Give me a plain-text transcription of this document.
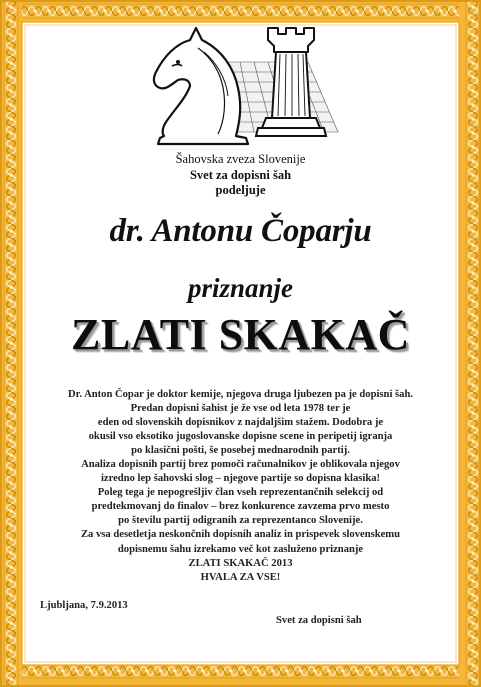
Šahovska zveza Slovenije
Svet za dopisni šah
podeljuje
dr. Antonu Čoparju
priznanje
ZLATI SKAKAČ
Dr. Anton Čopar je doktor kemije, njegova druga ljubezen pa je dopisni šah.
Predan dopisni šahist je že vse od leta 1978 ter je
eden od slovenskih dopisnikov z najdaljšim stažem. Dodobra je
okusil vso eksotiko jugoslovanske dopisne scene in peripetij igranja
po klasični pošti, še posebej mednarodnih partij.
Analiza dopisnih partij brez pomoči računalnikov je oblikovala njegov
izredno lep šahovski slog – njegove partije so dopisna klasika!
Poleg tega je nepogrešljiv član vseh reprezentančnih selekcij od
predtekmovanj do finalov – brez konkurence zavzema prvo mesto
po številu partij odigranih za reprezentanco Slovenije.
Za vsa desetletja neskončnih dopisnih analiz in prispevek slovenskemu
dopisnemu šahu izrekamo več kot zasluženo priznanje
ZLATI SKAKAČ 2013
HVALA ZA VSE!
Ljubljana, 7.9.2013
Svet za dopisni šah
